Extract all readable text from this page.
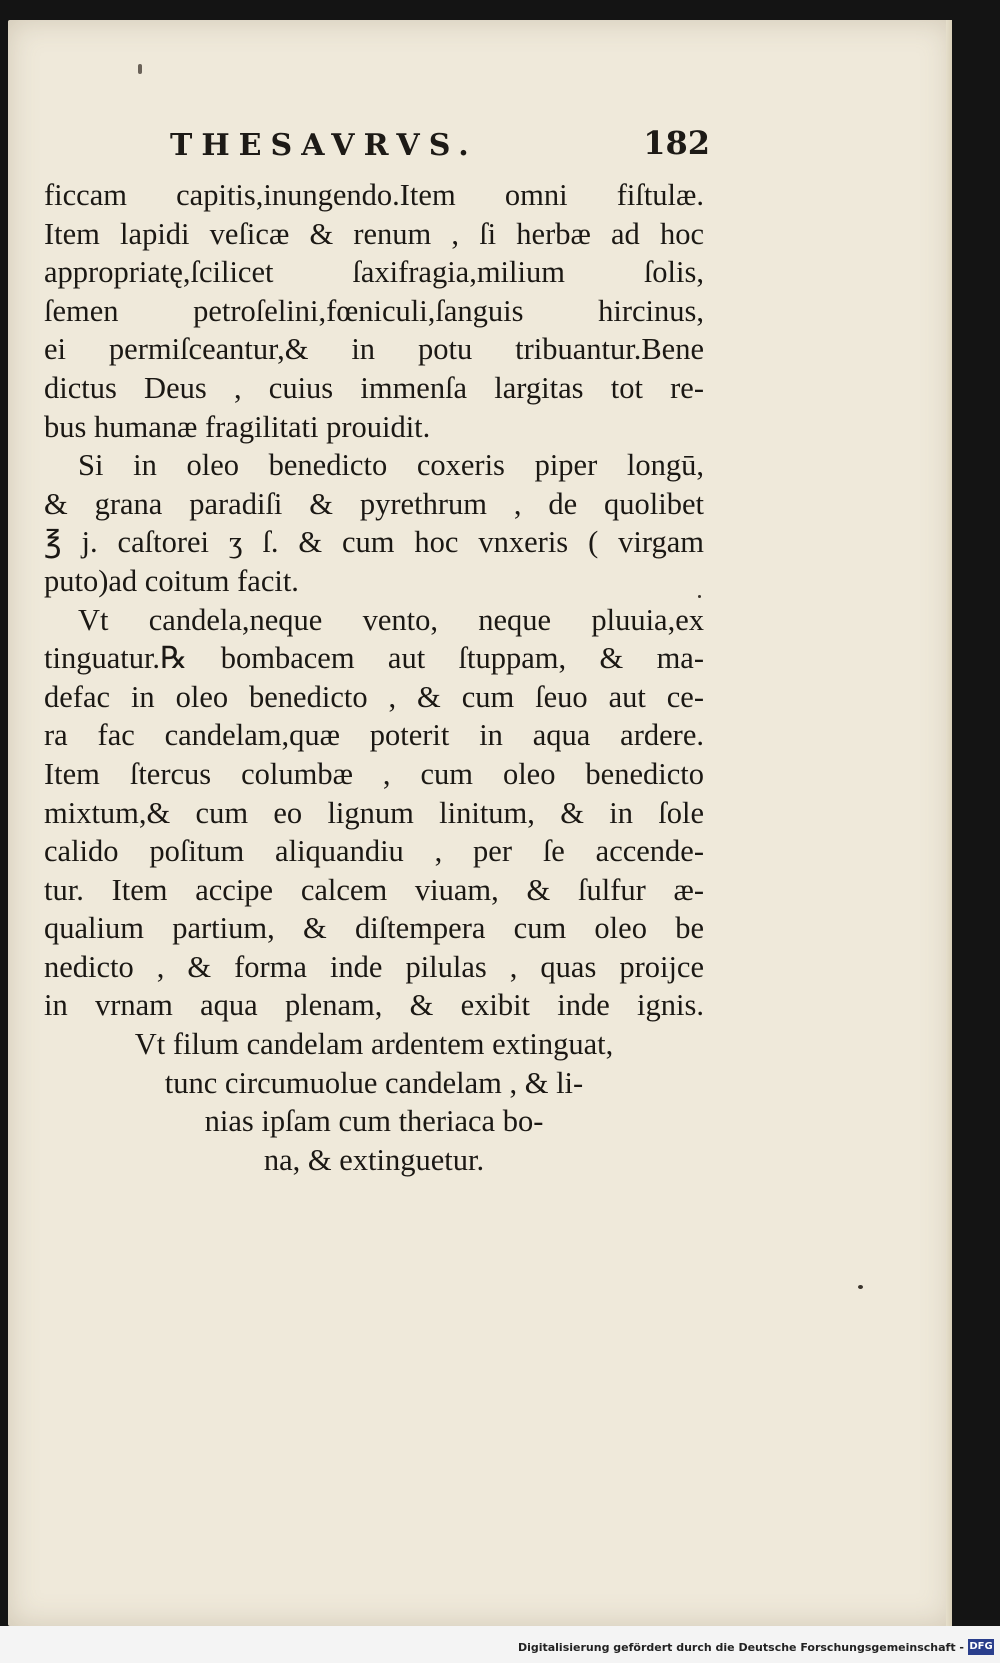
THESAVRVS.	182
ficcam capitis,inungendo.Item omni fiſtulæ.
Item lapidi veſicæ & renum , ſi herbæ ad hoc
appropriatę,ſcilicet ſaxifragia,milium ſolis,
ſemen petroſelini,fœniculi,ſanguis hircinus,
ei permiſceantur,& in potu tribuantur.Bene
dictus Deus , cuius immenſa largitas tot re-
bus humanæ fragilitati prouidit.
Si in oleo benedicto coxeris piper longū,
& grana paradiſi & pyrethrum , de quolibet
℥ j. caſtorei ʒ ſ. & cum hoc vnxeris ( virgam
puto)ad coitum facit.
Vt candela,neque vento, neque pluuia,ex
tinguatur.℞ bombacem aut ſtuppam, & ma-
defac in oleo benedicto , & cum ſeuo aut ce-
ra fac candelam,quæ poterit in aqua ardere.
Item ſtercus columbæ , cum oleo benedicto
mixtum,& cum eo lignum linitum, & in ſole
calido poſitum aliquandiu , per ſe accende-
tur. Item accipe calcem viuam, & ſulfur æ-
qualium partium, & diſtempera cum oleo be
nedicto , & forma inde pilulas , quas proijce
in vrnam aqua plenam, & exibit inde ignis.
Vt filum candelam ardentem extinguat,
tunc circumuolue candelam , & li-
nias ipſam cum theriaca bo-
na, & extinguetur.
Digitalisierung gefördert durch die Deutsche Forschungsgemeinschaft - DFG
